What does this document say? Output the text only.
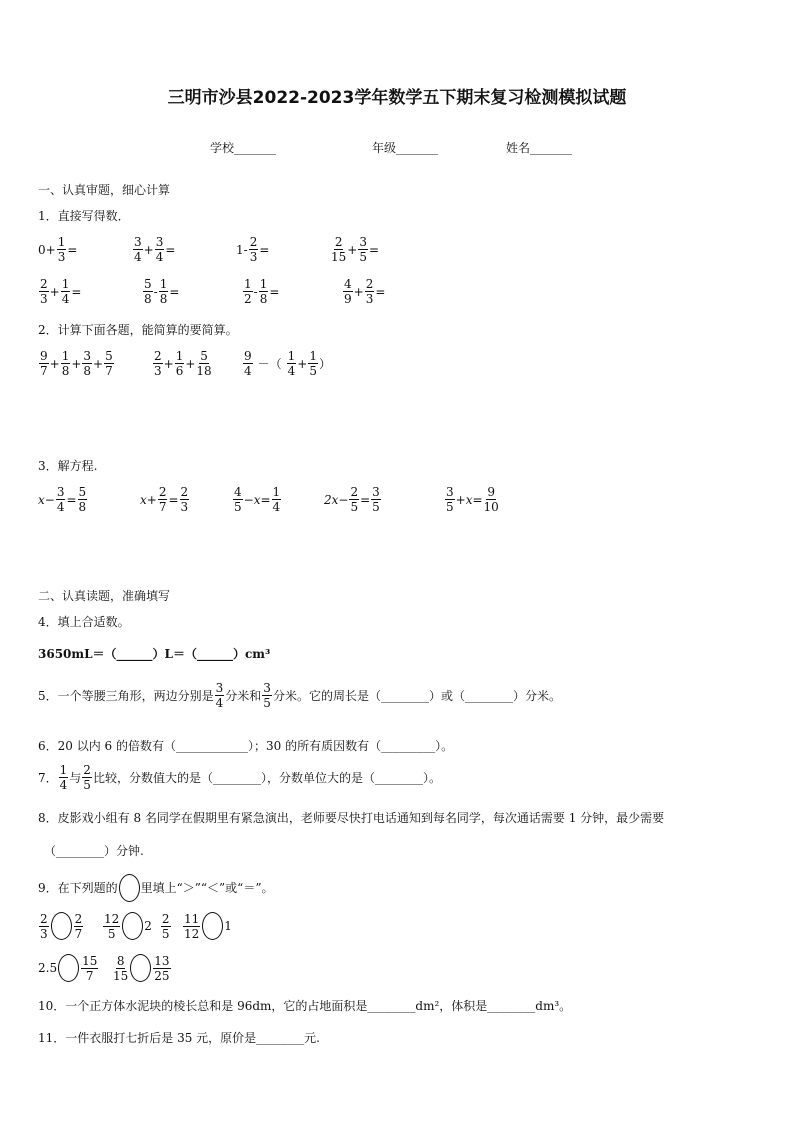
三明市沙县2022-2023学年数学五下期末复习检测模拟试题
学校_______	年级_______	姓名_______
一、认真审题，细心计算
1．直接写得数．
$0+ \frac{1}{3}$ =	$\frac{3}{4} + \frac{3}{4}$ =	$1- \frac{2}{3}$ =	$\frac{2}{15} + \frac{3}{5}$ =
$\frac{2}{3} + \frac{1}{4}$ =	$\frac{5}{8} - \frac{1}{8}$ =	$\frac{1}{2} - \frac{1}{8}$ =	$\frac{4}{9} + \frac{2}{3}$ =
2．计算下面各题，能简算的要简算。
$\frac{9}{7} + \frac{1}{8} + \frac{3}{8} + \frac{5}{7}$	$\frac{2}{3} + \frac{1}{6} + \frac{5}{18}$	$\frac{9}{4}$ －（ $\frac{1}{4} + \frac{1}{5}$ ）
3．解方程.
$x - \frac{3}{4} = \frac{5}{8}$	$x + \frac{2}{7} = \frac{2}{3}$	$\frac{4}{5} - x = \frac{1}{4}$	$2x - \frac{2}{5} = \frac{3}{5}$	$\frac{3}{5} + x = \frac{9}{10}$
二、认真读题，准确填写
4．填上合适数。
3650mL＝（______）L＝（______）cm³
5．一个等腰三角形，两边分别是 $\frac{3}{4}$ 分米和 $\frac{3}{5}$ 分米。它的周长是（________）或（________）分米。
6．20 以内 6 的倍数有（____________）；30 的所有质因数有（_________）。
7． $\frac{1}{4}$ 与 $\frac{2}{5}$ 比较，分数值大的是（________），分数单位大的是（________）。
8．皮影戏小组有 8 名同学在假期里有紧急演出，老师要尽快打电话通知到每名同学，每次通话需要 1 分钟，最少需要
（________）分钟.
9．在下列题的 里填上“＞”“＜”或“＝”。
$\frac{2}{3} \frac{2}{7} \frac{12}{5} 2 \frac{2}{5} \frac{11}{12} 1$
$2.5 \frac{15}{7} \frac{8}{15} \frac{13}{25}$
10．一个正方体水泥块的棱长总和是 96dm，它的占地面积是________dm²，体积是________dm³。
11．一件衣服打七折后是 35 元，原价是________元.
